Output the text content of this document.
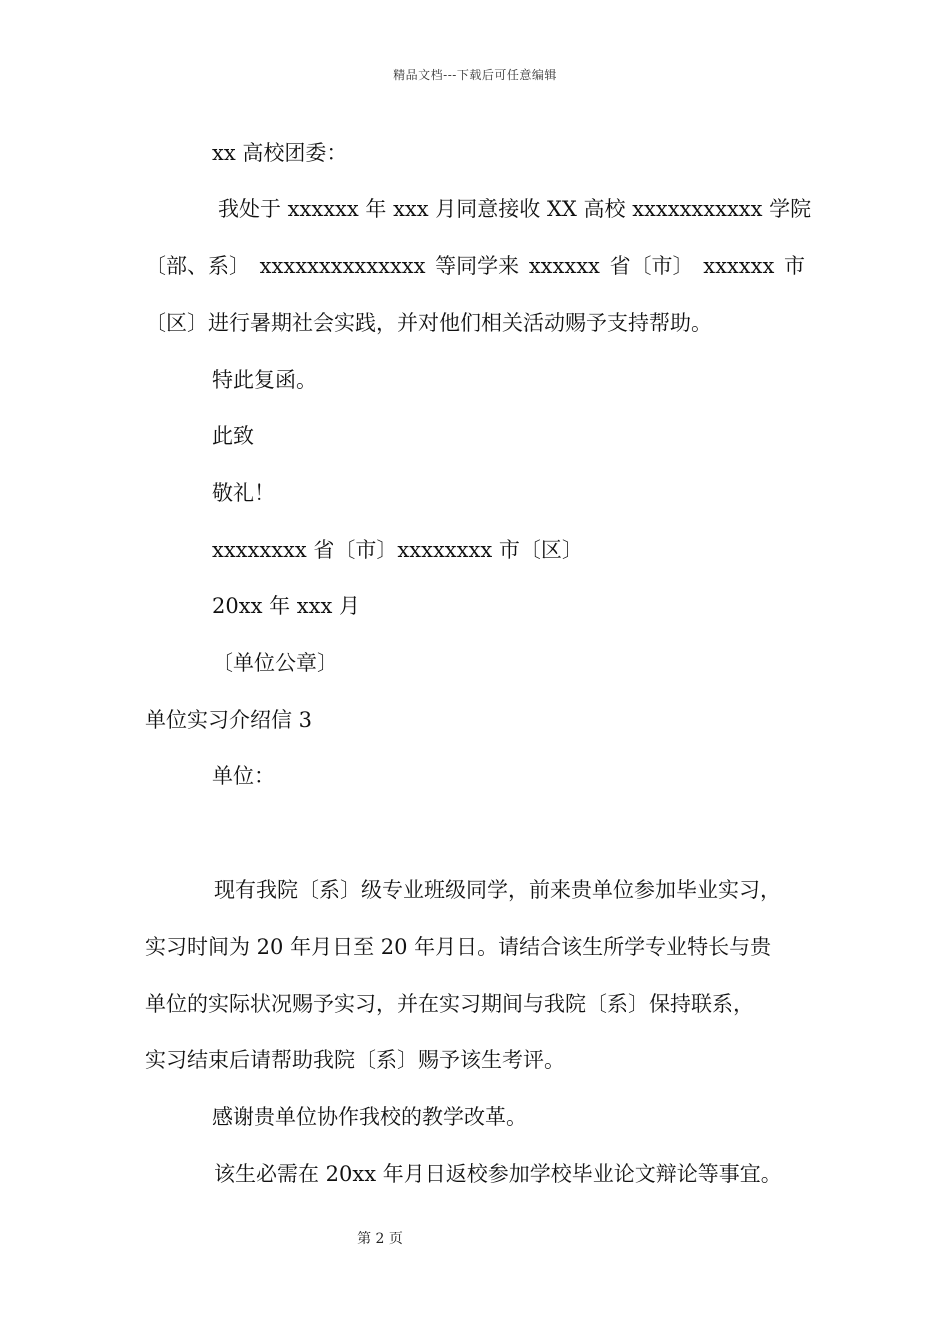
精品文档---下载后可任意编辑
xx 高校团委：
我处于 xxxxxx 年 xxx 月同意接收 XX 高校 xxxxxxxxxxx 学院
〔部、系〕 xxxxxxxxxxxxxx 等同学来 xxxxxx 省〔市〕 xxxxxx 市
〔区〕进行暑期社会实践，并对他们相关活动赐予支持帮助。
特此复函。
此致
敬礼！
xxxxxxxx 省〔市〕xxxxxxxx 市〔区〕
20xx 年 xxx 月
〔单位公章〕
单位实习介绍信 3
单位：
现有我院〔系〕级专业班级同学，前来贵单位参加毕业实习，
实习时间为 20 年月日至 20 年月日。请结合该生所学专业特长与贵
单位的实际状况赐予实习，并在实习期间与我院〔系〕保持联系，
实习结束后请帮助我院〔系〕赐予该生考评。
感谢贵单位协作我校的教学改革。
该生必需在 20xx 年月日返校参加学校毕业论文辩论等事宜。
第 2 页
